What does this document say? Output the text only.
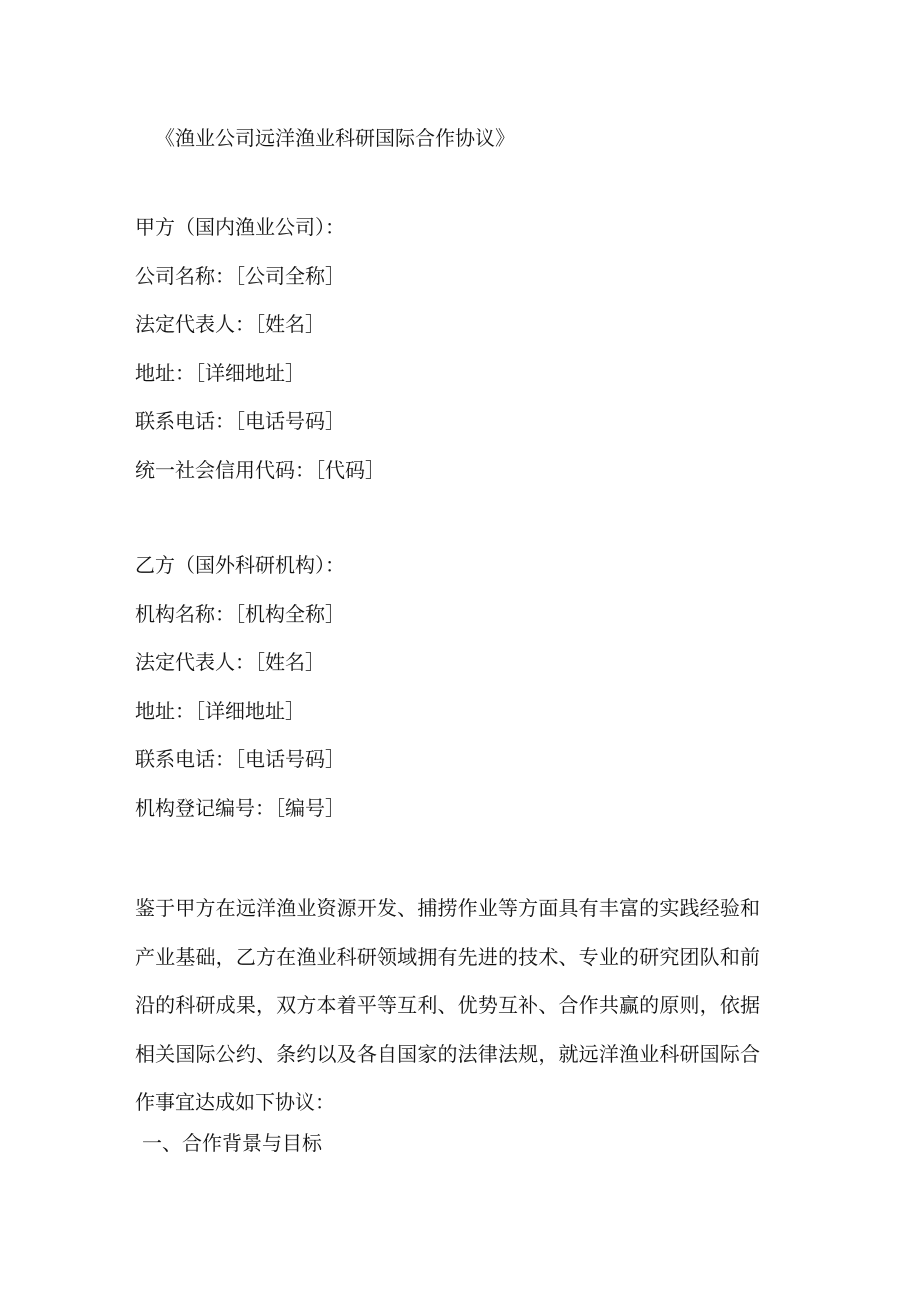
《渔业公司远洋渔业科研国际合作协议》
甲方（国内渔业公司）：
公司名称：［公司全称］
法定代表人：［姓名］
地址：［详细地址］
联系电话：［电话号码］
统一社会信用代码：［代码］
乙方（国外科研机构）：
机构名称：［机构全称］
法定代表人：［姓名］
地址：［详细地址］
联系电话：［电话号码］
机构登记编号：［编号］

鉴于甲方在远洋渔业资源开发、捕捞作业等方面具有丰富的实践经验和产业基础，乙方在渔业科研领域拥有先进的技术、专业的研究团队和前沿的科研成果，双方本着平等互利、优势互补、合作共赢的原则，依据相关国际公约、条约以及各自国家的法律法规，就远洋渔业科研国际合作事宜达成如下协议：

一、合作背景与目标
